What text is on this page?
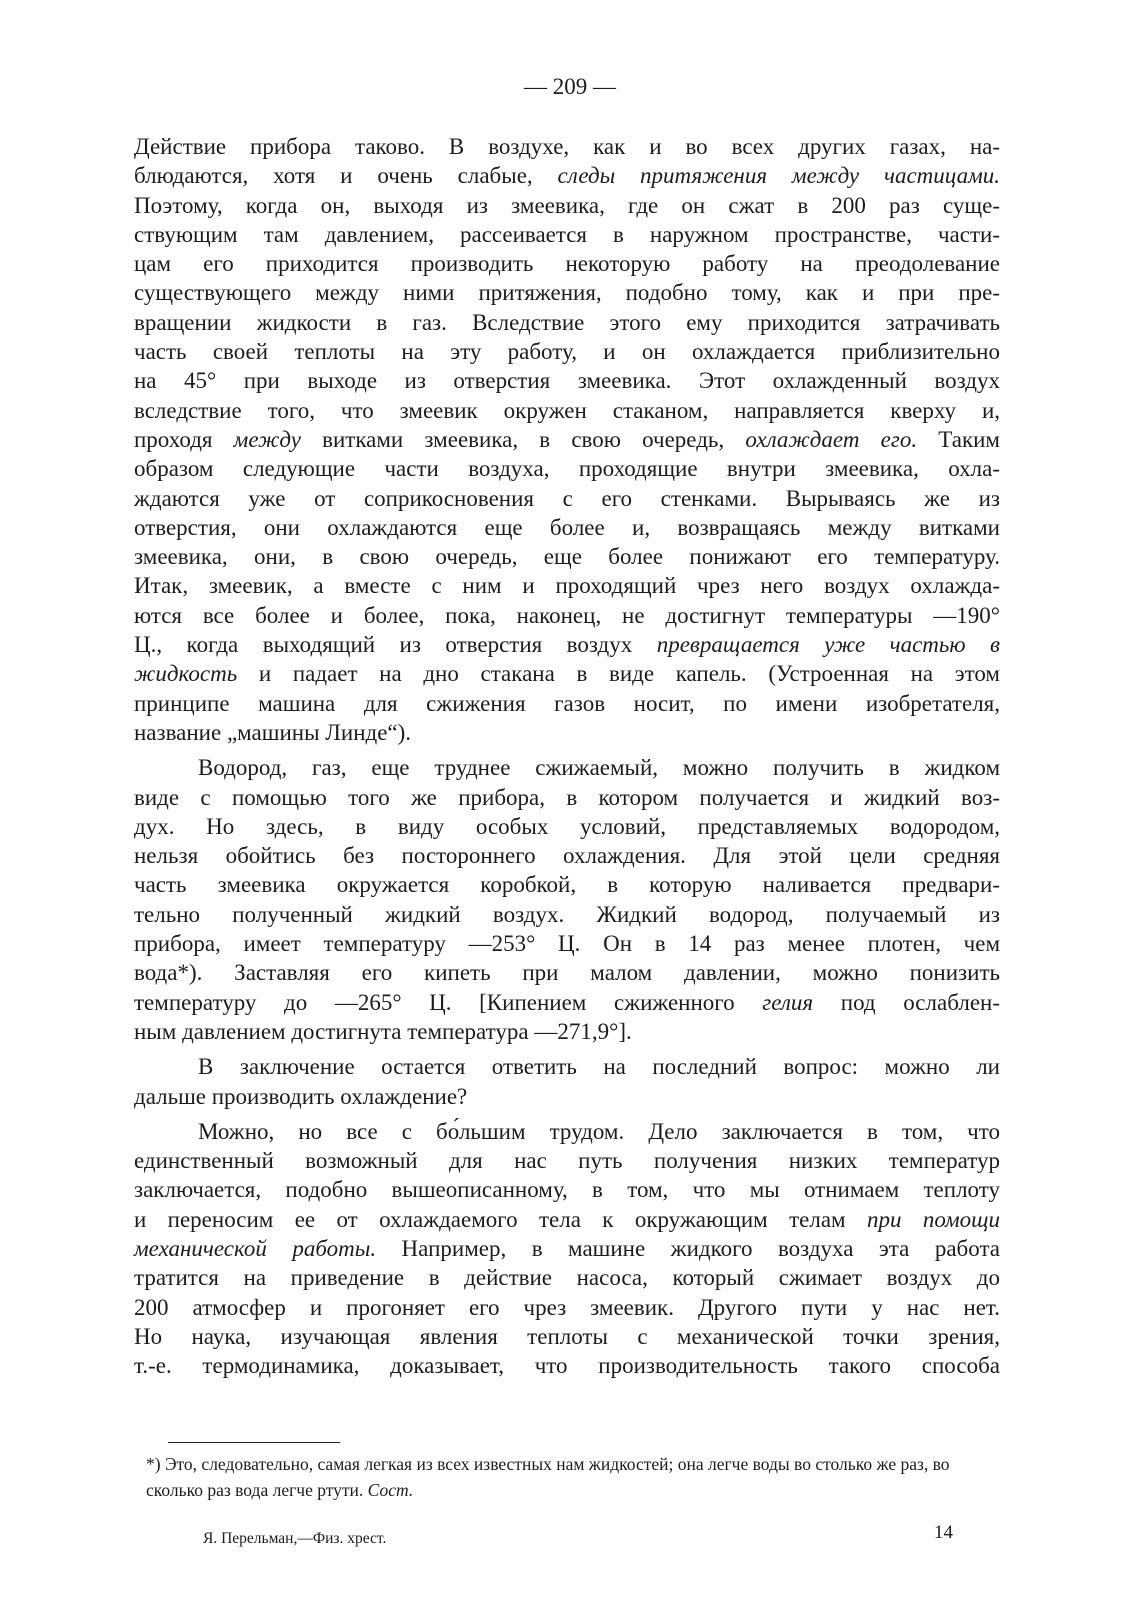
— 209 —
Действие прибора таково. В воздухе, как и во всех других газах, на-
блюдаются, хотя и очень слабые, следы притяжения между частицами.
Поэтому, когда он, выходя из змеевика, где он сжат в 200 раз суще-
ствующим там давлением, рассеивается в наружном пространстве, части-
цам его приходится производить некоторую работу на преодолевание
существующего между ними притяжения, подобно тому, как и при пре-
вращении жидкости в газ. Вследствие этого ему приходится затрачивать
часть своей теплоты на эту работу, и он охлаждается приблизительно
на 45° при выходе из отверстия змеевика. Этот охлажденный воздух
вследствие того, что змеевик окружен стаканом, направляется кверху и,
проходя между витками змеевика, в свою очередь, охлаждает его. Таким
образом следующие части воздуха, проходящие внутри змеевика, охла-
ждаются уже от соприкосновения с его стенками. Вырываясь же из
отверстия, они охлаждаются еще более и, возвращаясь между витками
змеевика, они, в свою очередь, еще более понижают его температуру.
Итак, змеевик, а вместе с ним и проходящий чрез него воздух охлажда-
ются все более и более, пока, наконец, не достигнут температуры —190°
Ц., когда выходящий из отверстия воздух превращается уже частью в
жидкость и падает на дно стакана в виде капель. (Устроенная на этом
принципе машина для сжижения газов носит, по имени изобретателя,
название „машины Линде“).
Водород, газ, еще труднее сжижаемый, можно получить в жидком
виде с помощью того же прибора, в котором получается и жидкий воз-
дух. Но здесь, в виду особых условий, представляемых водородом,
нельзя обойтись без постороннего охлаждения. Для этой цели средняя
часть змеевика окружается коробкой, в которую наливается предвари-
тельно полученный жидкий воздух. Жидкий водород, получаемый из
прибора, имеет температуру —253° Ц. Он в 14 раз менее плотен, чем
вода*). Заставляя его кипеть при малом давлении, можно понизить
температуру до —265° Ц. [Кипением сжиженного гелия под ослаблен-
ным давлением достигнута температура —271,9°].
В заключение остается ответить на последний вопрос: можно ли
дальше производить охлаждение?
Можно, но все с бо́льшим трудом. Дело заключается в том, что
единственный возможный для нас путь получения низких температур
заключается, подобно вышеописанному, в том, что мы отнимаем теплоту
и переносим ее от охлаждаемого тела к окружающим телам при помощи
механической работы. Например, в машине жидкого воздуха эта работа
тратится на приведение в действие насоса, который сжимает воздух до
200 атмосфер и прогоняет его чрез змеевик. Другого пути у нас нет.
Но наука, изучающая явления теплоты с механической точки зрения,
т.-е. термодинамика, доказывает, что производительность такого способа
*) Это, следовательно, самая легкая из всех известных нам жидкостей; она легче воды во столько же раз, во сколько раз вода легче ртути. Сост.
Я. Перельман,—Физ. хрест.	14
